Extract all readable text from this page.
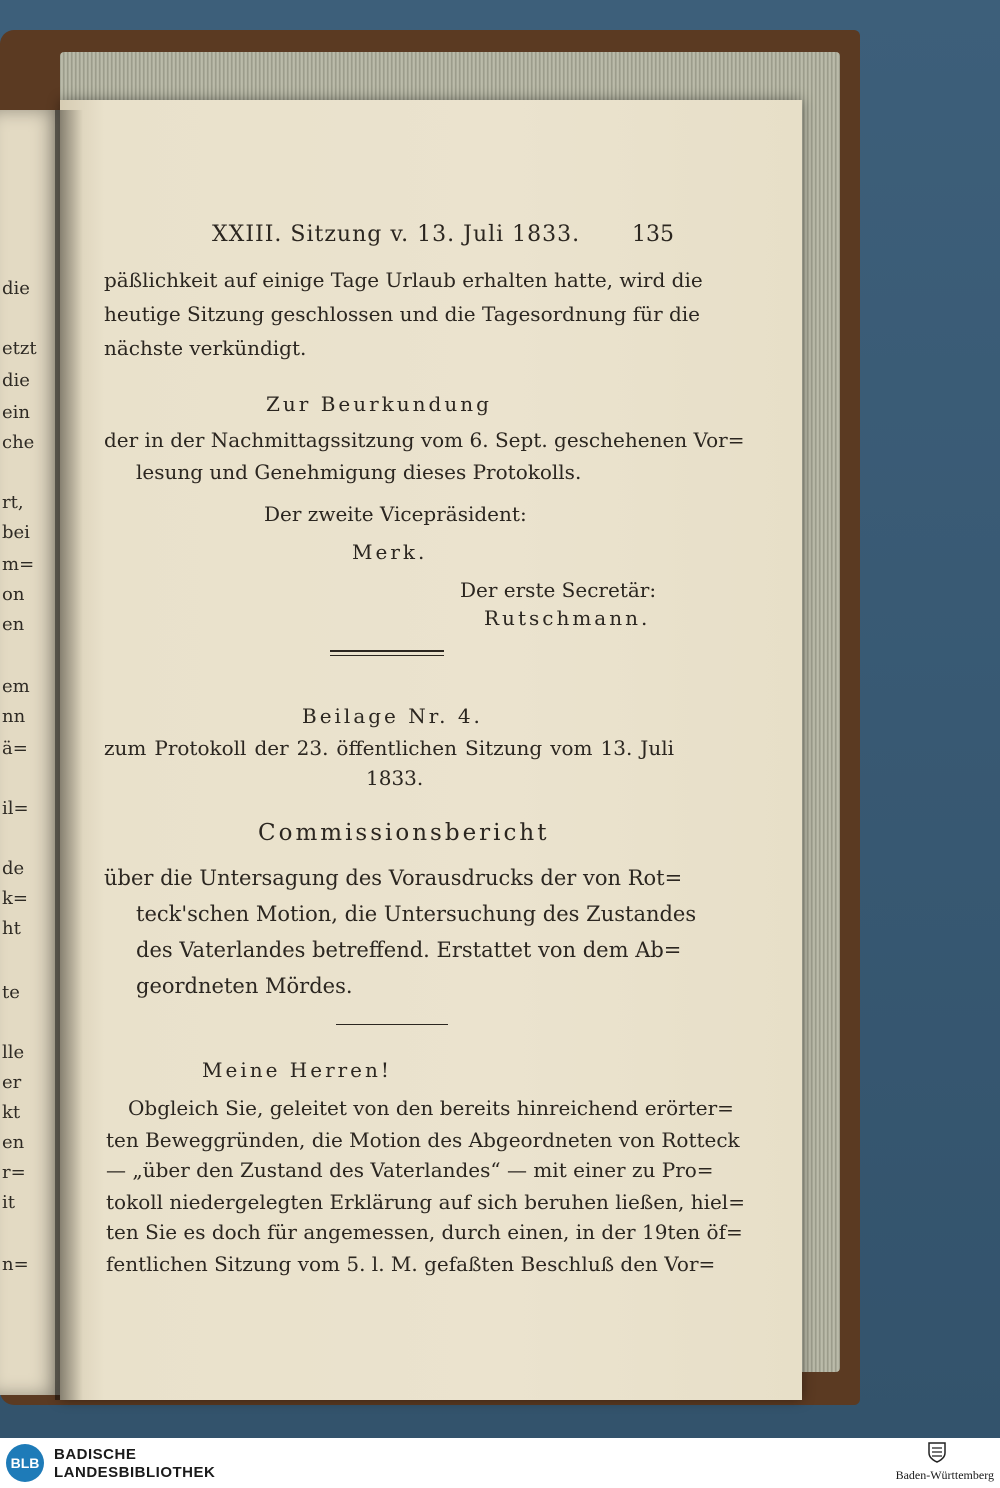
die
etzt
die
ein
che
rt,
bei
m=
on
en
em
nn
ä=
il=
de
k=
ht
te
lle
er
kt
en
r=
it
n=
XXIII. Sitzung v. 13. Juli 1833. 135
päßlichkeit auf einige Tage Urlaub erhalten hatte, wird die
heutige Sitzung geschlossen und die Tagesordnung für die
nächste verkündigt.
Zur Beurkundung
der in der Nachmittagssitzung vom 6. Sept. geschehenen Vor=
lesung und Genehmigung dieses Protokolls.
Der zweite Vicepräsident:
Merk.
Der erste Secretär:
Rutschmann.
Beilage Nr. 4.
zum Protokoll der 23. öffentlichen Sitzung vom 13. Juli
1833.
Commissionsbericht
über die Untersagung des Vorausdrucks der von Rot=
teck'schen Motion, die Untersuchung des Zustandes
des Vaterlandes betreffend. Erstattet von dem Ab=
geordneten Mördes.
Meine Herren!
Obgleich Sie, geleitet von den bereits hinreichend erörter=
ten Beweggründen, die Motion des Abgeordneten von Rotteck
— „über den Zustand des Vaterlandes“ — mit einer zu Pro=
tokoll niedergelegten Erklärung auf sich beruhen ließen, hiel=
ten Sie es doch für angemessen, durch einen, in der 19ten öf=
fentlichen Sitzung vom 5. l. M. gefaßten Beschluß den Vor=
BLB BADISCHE
LANDESBIBLIOTHEK	Baden-Württemberg
